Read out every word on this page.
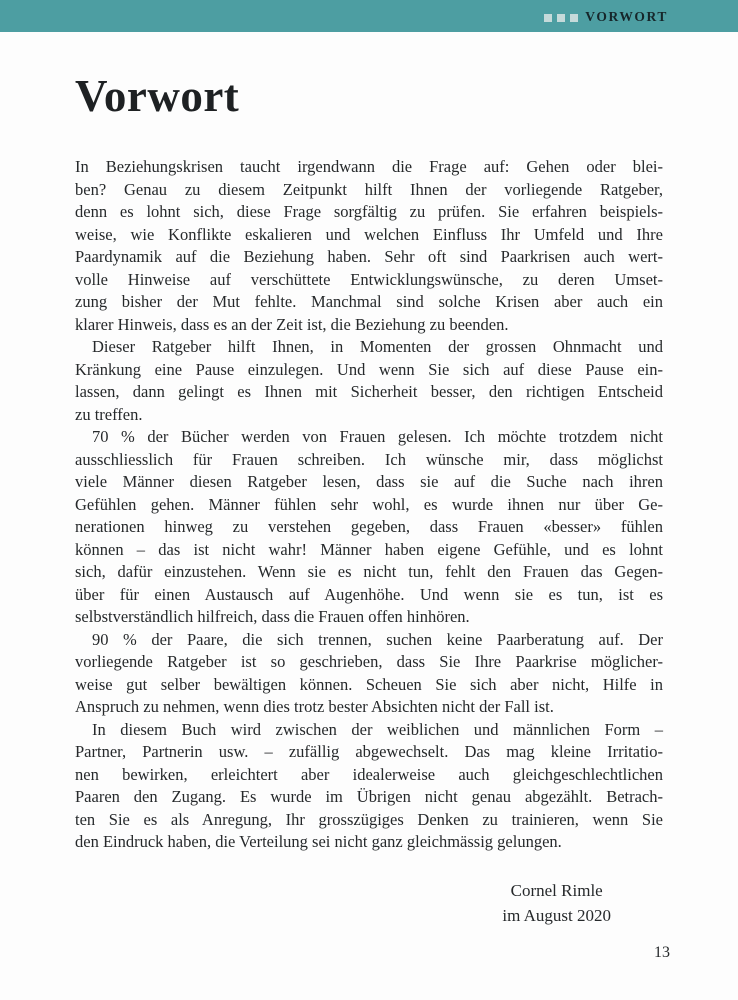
VORWORT
Vorwort
In Beziehungskrisen taucht irgendwann die Frage auf: Gehen oder blei-
ben? Genau zu diesem Zeitpunkt hilft Ihnen der vorliegende Ratgeber,
denn es lohnt sich, diese Frage sorgfältig zu prüfen. Sie erfahren beispiels-
weise, wie Konflikte eskalieren und welchen Einfluss Ihr Umfeld und Ihre
Paardynamik auf die Beziehung haben. Sehr oft sind Paarkrisen auch wert-
volle Hinweise auf verschüttete Entwicklungswünsche, zu deren Umset-
zung bisher der Mut fehlte. Manchmal sind solche Krisen aber auch ein
klarer Hinweis, dass es an der Zeit ist, die Beziehung zu beenden.
Dieser Ratgeber hilft Ihnen, in Momenten der grossen Ohnmacht und
Kränkung eine Pause einzulegen. Und wenn Sie sich auf diese Pause ein-
lassen, dann gelingt es Ihnen mit Sicherheit besser, den richtigen Entscheid
zu treffen.
70 % der Bücher werden von Frauen gelesen. Ich möchte trotzdem nicht
ausschliesslich für Frauen schreiben. Ich wünsche mir, dass möglichst
viele Männer diesen Ratgeber lesen, dass sie auf die Suche nach ihren
Gefühlen gehen. Männer fühlen sehr wohl, es wurde ihnen nur über Ge-
nerationen hinweg zu verstehen gegeben, dass Frauen «besser» fühlen
können – das ist nicht wahr! Männer haben eigene Gefühle, und es lohnt
sich, dafür einzustehen. Wenn sie es nicht tun, fehlt den Frauen das Gegen-
über für einen Austausch auf Augenhöhe. Und wenn sie es tun, ist es
selbstverständlich hilfreich, dass die Frauen offen hinhören.
90 % der Paare, die sich trennen, suchen keine Paarberatung auf. Der
vorliegende Ratgeber ist so geschrieben, dass Sie Ihre Paarkrise möglicher-
weise gut selber bewältigen können. Scheuen Sie sich aber nicht, Hilfe in
Anspruch zu nehmen, wenn dies trotz bester Absichten nicht der Fall ist.
In diesem Buch wird zwischen der weiblichen und männlichen Form –
Partner, Partnerin usw. – zufällig abgewechselt. Das mag kleine Irritatio-
nen bewirken, erleichtert aber idealerweise auch gleichgeschlechtlichen
Paaren den Zugang. Es wurde im Übrigen nicht genau abgezählt. Betrach-
ten Sie es als Anregung, Ihr grosszügiges Denken zu trainieren, wenn Sie
den Eindruck haben, die Verteilung sei nicht ganz gleichmässig gelungen.
Cornel Rimle
im August 2020
13
